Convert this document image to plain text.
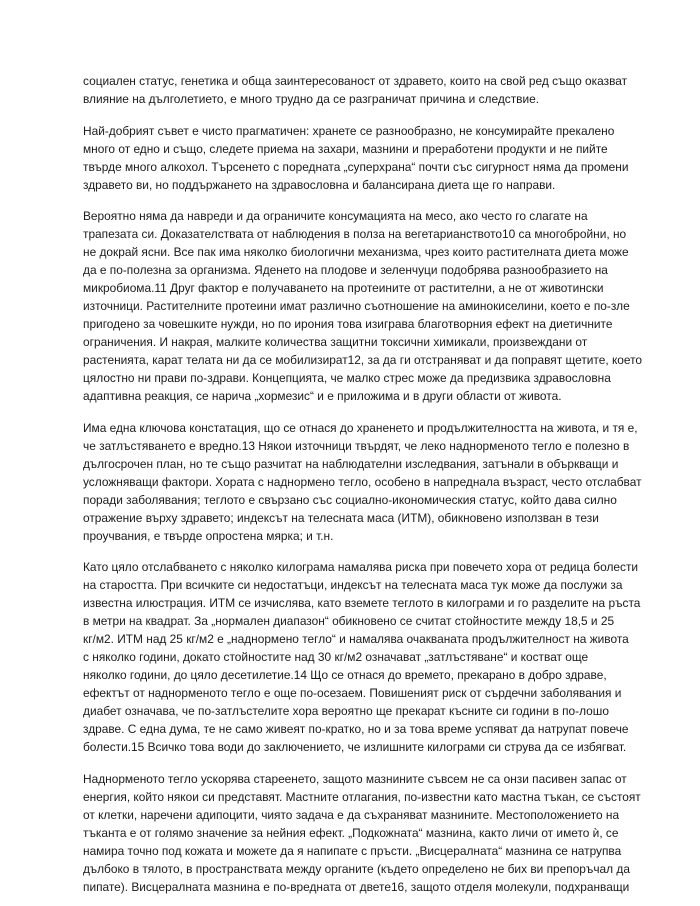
социален статус, генетика и обща заинтересованост от здравето, които на свой ред също оказват
влияние на дълголетието, е много трудно да се разграничат причина и следствие.

Най-добрият съвет е чисто прагматичен: хранете се разнообразно, не консумирайте прекалено
много от едно и също, следете приема на захари, мазнини и преработени продукти и не пийте
твърде много алкохол. Търсенето с поредната „суперхрана“ почти със сигурност няма да промени
здравето ви, но поддържането на здравословна и балансирана диета ще го направи.

Вероятно няма да навреди и да ограничите консумацията на месо, ако често го слагате на
трапезата си. Доказателствата от наблюдения в полза на вегетарианството10 са многобройни, но
не докрай ясни. Все пак има няколко биологични механизма, чрез които растителната диета може
да е по-полезна за организма. Яденето на плодове и зеленчуци подобрява разнообразието на
микробиома.11 Друг фактор е получаването на протеините от растителни, а не от животински
източници. Растителните протеини имат различно съотношение на аминокиселини, което е по-зле
пригодено за човешките нужди, но по ирония това изиграва благотворния ефект на диетичните
ограничения. И накрая, малките количества защитни токсични химикали, произвеждани от
растенията, карат телата ни да се мобилизират12, за да ги отстраняват и да поправят щетите, което
цялостно ни прави по-здрави. Концепцията, че малко стрес може да предизвика здравословна
адаптивна реакция, се нарича „хормезис“ и е приложима и в други области от живота.

Има една ключова констатация, що се отнася до храненето и продължителността на живота, и тя е,
че затлъстяването е вредно.13 Някои източници твърдят, че леко наднорменото тегло е полезно в
дългосрочен план, но те също разчитат на наблюдателни изследвания, затънали в объркващи и
усложняващи фактори. Хората с наднормено тегло, особено в напреднала възраст, често отслабват
поради заболявания; теглото е свързано със социално-икономическия статус, който дава силно
отражение върху здравето; индексът на телесната маса (ИТМ), обикновено използван в тези
проучвания, е твърде опростена мярка; и т.н.

Като цяло отслабването с няколко килограма намалява риска при повечето хора от редица болести
на старостта. При всичките си недостатъци, индексът на телесната маса тук може да послужи за
известна илюстрация. ИТМ се изчислява, като вземете теглото в килограми и го разделите на ръста
в метри на квадрат. За „нормален диапазон“ обикновено се считат стойностите между 18,5 и 25
кг/м2. ИТМ над 25 кг/м2 е „наднормено тегло“ и намалява очакваната продължителност на живота
с няколко години, докато стойностите над 30 кг/м2 означават „затлъстяване“ и костват още
няколко години, до цяло десетилетие.14 Що се отнася до времето, прекарано в добро здраве,
ефектът от наднорменото тегло е още по-осезаем. Повишеният риск от сърдечни заболявания и
диабет означава, че по-затлъстелите хора вероятно ще прекарат късните си години в по-лошо
здраве. С една дума, те не само живеят по-кратко, но и за това време успяват да натрупат повече
болести.15 Всичко това води до заключението, че излишните килограми си струва да се избягват.

Наднорменото тегло ускорява стареенето, защото мазнините съвсем не са онзи пасивен запас от
енергия, който някои си представят. Мастните отлагания, по-известни като мастна тъкан, се състоят
от клетки, наречени адипоцити, чиято задача е да съхраняват мазнините. Местоположението на
тъканта е от голямо значение за нейния ефект. „Подкожната“ мазнина, както личи от името ѝ, се
намира точно под кожата и можете да я напипате с пръсти. „Висцералната“ мазнина се натрупва
дълбоко в тялото, в пространствата между органите (където определено не бих ви препоръчал да
пипате). Висцералната мазнина е по-вредната от двете16, защото отделя молекули, подхранващи
